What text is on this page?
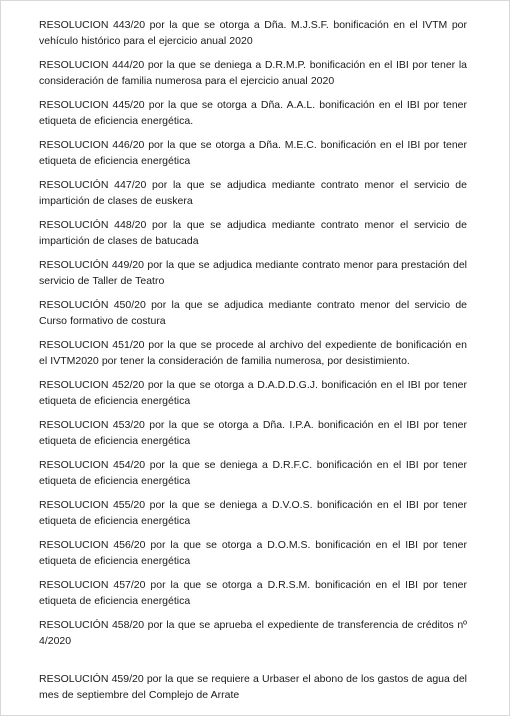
RESOLUCION 443/20 por la que se otorga a Dña. M.J.S.F. bonificación en el IVTM por vehículo histórico para el ejercicio anual 2020
RESOLUCION 444/20 por la que se deniega a D.R.M.P. bonificación en el IBI por tener la consideración de familia numerosa para el ejercicio anual 2020
RESOLUCION 445/20 por la que se otorga a Dña. A.A.L. bonificación en el IBI por tener etiqueta de eficiencia energética.
RESOLUCION 446/20 por la que se otorga a Dña. M.E.C. bonificación en el IBI por tener etiqueta de eficiencia energética
RESOLUCIÓN 447/20 por la que se adjudica mediante contrato menor el servicio de impartición de clases de euskera
RESOLUCIÓN 448/20 por la que se adjudica mediante contrato menor el servicio de impartición de clases de batucada
RESOLUCIÓN 449/20 por la que se adjudica mediante contrato menor para prestación del servicio de Taller de Teatro
RESOLUCIÓN 450/20 por la que se adjudica mediante contrato menor del servicio de Curso formativo de costura
RESOLUCION 451/20 por la que se procede al archivo del expediente de bonificación en el IVTM2020 por tener la consideración de familia numerosa, por desistimiento.
RESOLUCION 452/20 por la que se otorga a D.A.D.D.G.J. bonificación en el IBI por tener etiqueta de eficiencia energética
RESOLUCION 453/20 por la que se otorga a Dña. I.P.A. bonificación en el IBI por tener etiqueta de eficiencia energética
RESOLUCION 454/20 por la que se deniega a D.R.F.C. bonificación en el IBI por tener etiqueta de eficiencia energética
RESOLUCION 455/20 por la que se deniega a D.V.O.S. bonificación en el IBI por tener etiqueta de eficiencia energética
RESOLUCION 456/20 por la que se otorga a D.O.M.S. bonificación en el IBI por tener etiqueta de eficiencia energética
RESOLUCION 457/20 por la que se otorga a D.R.S.M. bonificación en el IBI por tener etiqueta de eficiencia energética
RESOLUCIÓN 458/20 por la que se aprueba el expediente de transferencia de créditos nº 4/2020
RESOLUCIÓN 459/20 por la que se requiere a Urbaser el abono de los gastos de agua del mes de septiembre del Complejo de Arrate
